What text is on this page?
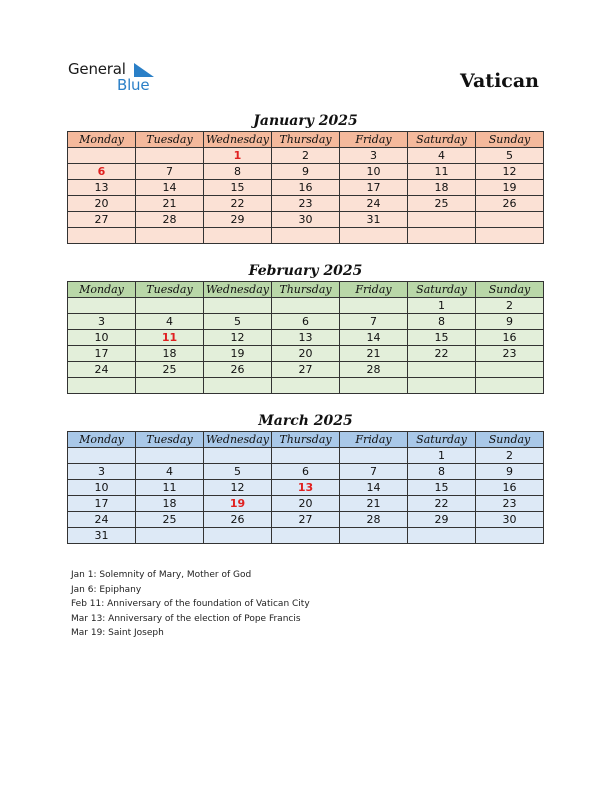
General
Blue	Vatican
January 2025
Monday	Tuesday	Wednesday	Thursday	Friday	Saturday	Sunday
		1	2	3	4	5
6	7	8	9	10	11	12
13	14	15	16	17	18	19
20	21	22	23	24	25	26
27	28	29	30	31		

February 2025
Monday	Tuesday	Wednesday	Thursday	Friday	Saturday	Sunday
					1	2
3	4	5	6	7	8	9
10	11	12	13	14	15	16
17	18	19	20	21	22	23
24	25	26	27	28		

March 2025
Monday	Tuesday	Wednesday	Thursday	Friday	Saturday	Sunday
					1	2
3	4	5	6	7	8	9
10	11	12	13	14	15	16
17	18	19	20	21	22	23
24	25	26	27	28	29	30
31						
Jan 1: Solemnity of Mary, Mother of God
Jan 6: Epiphany
Feb 11: Anniversary of the foundation of Vatican City
Mar 13: Anniversary of the election of Pope Francis
Mar 19: Saint Joseph
